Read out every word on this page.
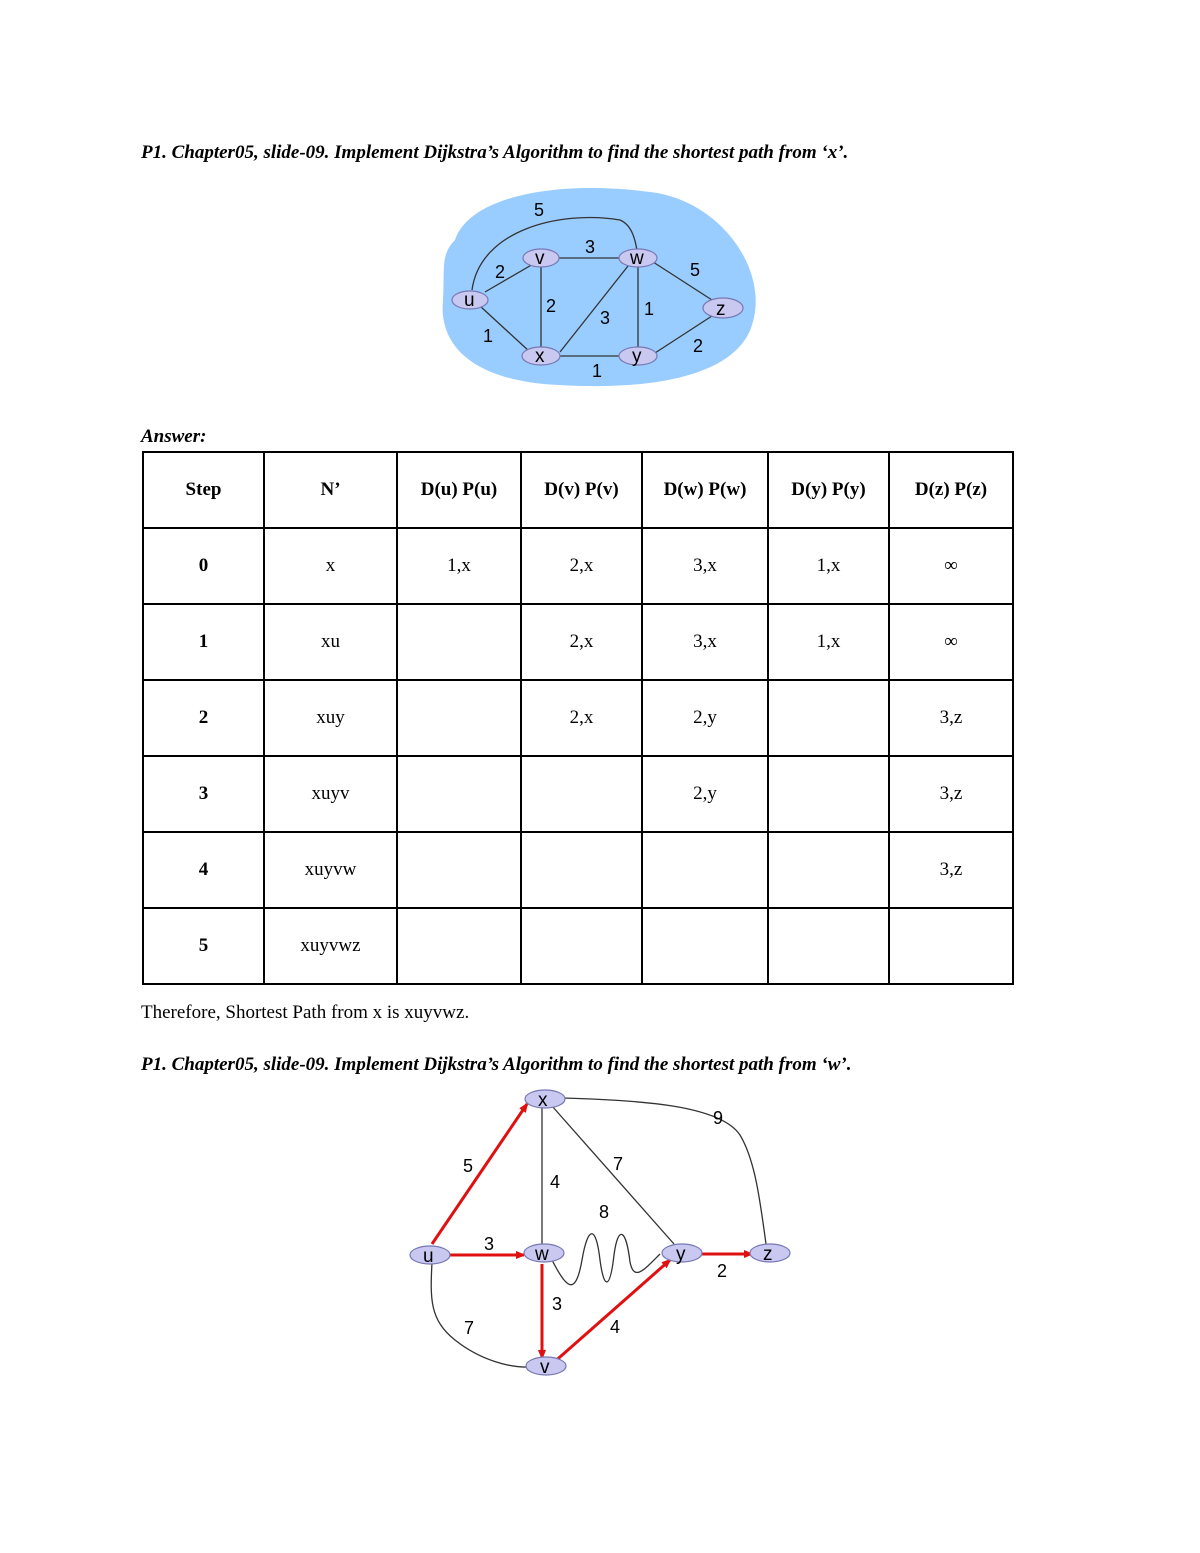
P1. Chapter05, slide-09. Implement Dijkstra’s Algorithm to find the shortest path from ‘x’.
5
2
3
5
1
2
3 1
1
2
u
v	w
x	y
z
Answer:
Step	N’	D(u) P(u)	D(v) P(v)	D(w) P(w)	D(y) P(y)	D(z) P(z)
0	x	1,x	2,x	3,x	1,x	∞
1	xu		2,x	3,x	1,x	∞
2	xuy		2,x	2,y		3,z
3	xuyv			2,y		3,z
4	xuyvw					3,z
5	xuyvwz					
Therefore, Shortest Path from x is xuyvwz.
P1. Chapter05, slide-09. Implement Dijkstra’s Algorithm to find the shortest path from ‘w’.
5
4
7
9
3
8
3
7	4
2
x
u	w	y	z
v
